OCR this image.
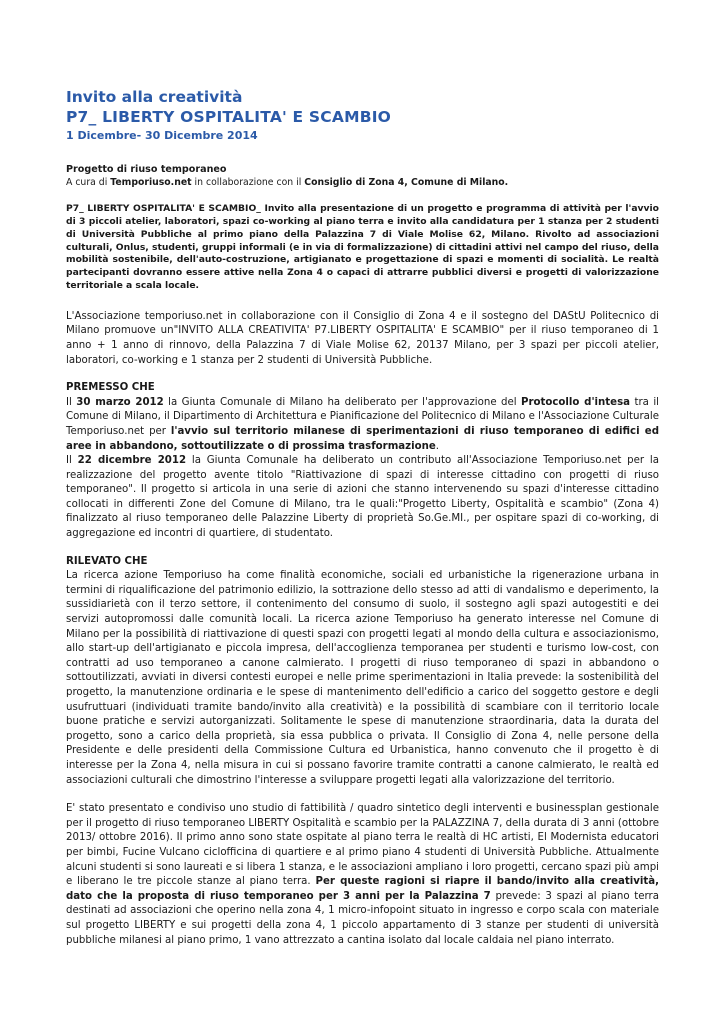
Invito alla creatività
P7_ LIBERTY OSPITALITA' E SCAMBIO
1 Dicembre- 30 Dicembre 2014
Progetto di riuso temporaneo
A cura di Temporiuso.net in collaborazione con il Consiglio di Zona 4, Comune di Milano.
P7_ LIBERTY OSPITALITA' E SCAMBIO_ Invito alla presentazione di un progetto e programma di attività per l'avvio di 3 piccoli atelier, laboratori, spazi co-working al piano terra e invito alla candidatura per 1 stanza per 2 studenti di Università Pubbliche al primo piano della Palazzina 7 di Viale Molise 62, Milano. Rivolto ad associazioni culturali, Onlus, studenti, gruppi informali (e in via di formalizzazione) di cittadini attivi nel campo del riuso, della mobilità sostenibile, dell'auto-costruzione, artigianato e progettazione di spazi e momenti di socialità. Le realtà partecipanti dovranno essere attive nella Zona 4 o capaci di attrarre pubblici diversi e progetti di valorizzazione territoriale a scala locale.
L'Associazione temporiuso.net in collaborazione con il Consiglio di Zona 4 e il sostegno del DAStU Politecnico di Milano promuove un"INVITO ALLA CREATIVITA' P7.LIBERTY OSPITALITA' E SCAMBIO" per il riuso temporaneo di 1 anno + 1 anno di rinnovo, della Palazzina 7 di Viale Molise 62, 20137 Milano, per 3 spazi per piccoli atelier, laboratori, co-working e 1 stanza per 2 studenti di Università Pubbliche.
PREMESSO CHE
Il 30 marzo 2012 la Giunta Comunale di Milano ha deliberato per l'approvazione del Protocollo d'intesa tra il Comune di Milano, il Dipartimento di Architettura e Pianificazione del Politecnico di Milano e l'Associazione Culturale Temporiuso.net per l'avvio sul territorio milanese di sperimentazioni di riuso temporaneo di edifici ed aree in abbandono, sottoutilizzate o di prossima trasformazione.
Il 22 dicembre 2012 la Giunta Comunale ha deliberato un contributo all'Associazione Temporiuso.net per la realizzazione del progetto avente titolo "Riattivazione di spazi di interesse cittadino con progetti di riuso temporaneo". Il progetto si articola in una serie di azioni che stanno intervenendo su spazi d'interesse cittadino collocati in differenti Zone del Comune di Milano, tra le quali:"Progetto Liberty, Ospitalità e scambio" (Zona 4) finalizzato al riuso temporaneo delle Palazzine Liberty di proprietà So.Ge.MI., per ospitare spazi di co-working, di aggregazione ed incontri di quartiere, di studentato.
RILEVATO CHE
La ricerca azione Temporiuso ha come finalità economiche, sociali ed urbanistiche la rigenerazione urbana in termini di riqualificazione del patrimonio edilizio, la sottrazione dello stesso ad atti di vandalismo e deperimento, la sussidiarietà con il terzo settore, il contenimento del consumo di suolo, il sostegno agli spazi autogestiti e dei servizi autopromossi dalle comunità locali. La ricerca azione Temporiuso ha generato interesse nel Comune di Milano per la possibilità di riattivazione di questi spazi con progetti legati al mondo della cultura e associazionismo, allo start-up dell'artigianato e piccola impresa, dell'accoglienza temporanea per studenti e turismo low-cost, con contratti ad uso temporaneo a canone calmierato. I progetti di riuso temporaneo di spazi in abbandono o sottoutilizzati, avviati in diversi contesti europei e nelle prime sperimentazioni in Italia prevede: la sostenibilità del progetto, la manutenzione ordinaria e le spese di mantenimento dell'edificio a carico del soggetto gestore e degli usufruttuari (individuati tramite bando/invito alla creatività) e la possibilità di scambiare con il territorio locale buone pratiche e servizi autorganizzati. Solitamente le spese di manutenzione straordinaria, data la durata del progetto, sono a carico della proprietà, sia essa pubblica o privata. Il Consiglio di Zona 4, nelle persone della Presidente e delle presidenti della Commissione Cultura ed Urbanistica, hanno convenuto che il progetto è di interesse per la Zona 4, nella misura in cui si possano favorire tramite contratti a canone calmierato, le realtà ed associazioni culturali che dimostrino l'interesse a sviluppare progetti legati alla valorizzazione del territorio.
E' stato presentato e condiviso uno studio di fattibilità / quadro sintetico degli interventi e businessplan gestionale per il progetto di riuso temporaneo LIBERTY Ospitalità e scambio per la PALAZZINA 7, della durata di 3 anni (ottobre 2013/ ottobre 2016). Il primo anno sono state ospitate al piano terra le realtà di HC artisti, El Modernista educatori per bimbi, Fucine Vulcano ciclofficina di quartiere e al primo piano 4 studenti di Università Pubbliche. Attualmente alcuni studenti si sono laureati e si libera 1 stanza, e le associazioni ampliano i loro progetti, cercano spazi più ampi e liberano le tre piccole stanze al piano terra. Per queste ragioni si riapre il bando/invito alla creatività, dato che la proposta di riuso temporaneo per 3 anni per la Palazzina 7 prevede: 3 spazi al piano terra destinati ad associazioni che operino nella zona 4, 1 micro-infopoint situato in ingresso e corpo scala con materiale sul progetto LIBERTY e sui progetti della zona 4, 1 piccolo appartamento di 3 stanze per studenti di università pubbliche milanesi al piano primo, 1 vano attrezzato a cantina isolato dal locale caldaia nel piano interrato.
